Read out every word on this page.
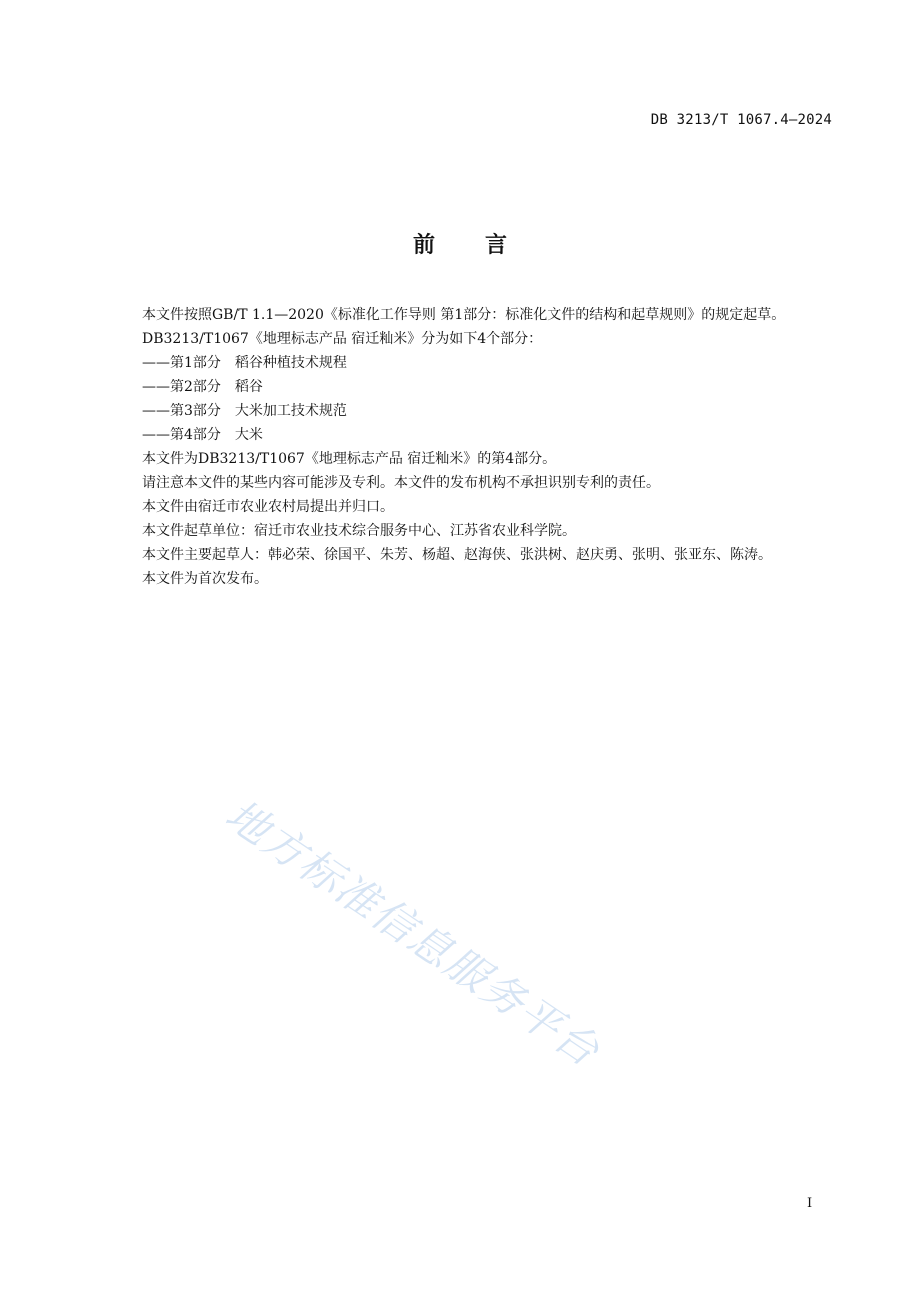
DB 3213/T 1067.4—2024
前 言

本文件按照GB/T 1.1—2020《标准化工作导则 第1部分：标准化文件的结构和起草规则》的规定起草。

DB3213/T1067《地理标志产品 宿迁籼米》分为如下4个部分：

——第1部分 稻谷种植技术规程

——第2部分 稻谷

——第3部分 大米加工技术规范

——第4部分 大米

本文件为DB3213/T1067《地理标志产品 宿迁籼米》的第4部分。

请注意本文件的某些内容可能涉及专利。本文件的发布机构不承担识别专利的责任。

本文件由宿迁市农业农村局提出并归口。

本文件起草单位：宿迁市农业技术综合服务中心、江苏省农业科学院。

本文件主要起草人：韩必荣、徐国平、朱芳、杨超、赵海侠、张洪树、赵庆勇、张明、张亚东、陈涛。

本文件为首次发布。

地方标准信息服务平台
I
